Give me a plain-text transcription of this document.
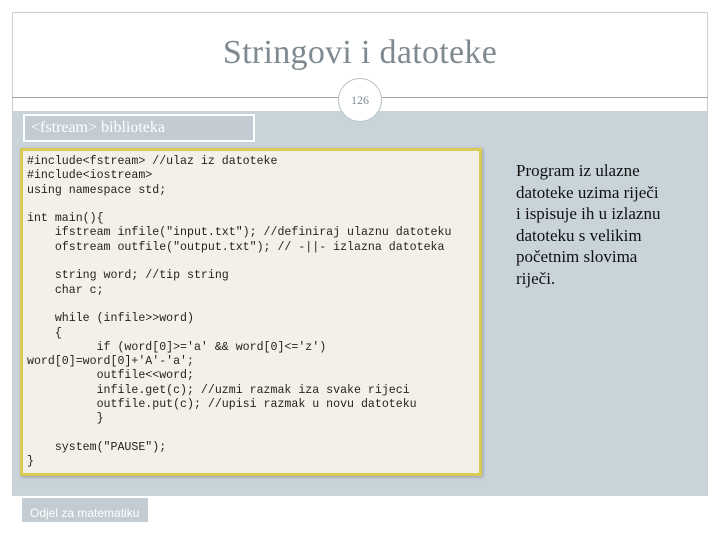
Stringovi i datoteke
126
<fstream> biblioteka
#include<fstream> //ulaz iz datoteke
#include<iostream>
using namespace std;
int main(){
ifstream infile("input.txt"); //definiraj ulaznu datoteku
ofstream outfile("output.txt"); // -||- izlazna datoteka
string word; //tip string
char c;
while (infile>>word)
{
if (word[0]>='a' && word[0]<='z')
word[0]=word[0]+'A'-'a';
outfile<<word;
infile.get(c); //uzmi razmak iza svake rijeci
outfile.put(c); //upisi razmak u novu datoteku
}
system("PAUSE");
}
Program iz ulazne
datoteke uzima riječi
i ispisuje ih u izlaznu
datoteku s velikim
početnim slovima
riječi.
Odjel za matematiku
